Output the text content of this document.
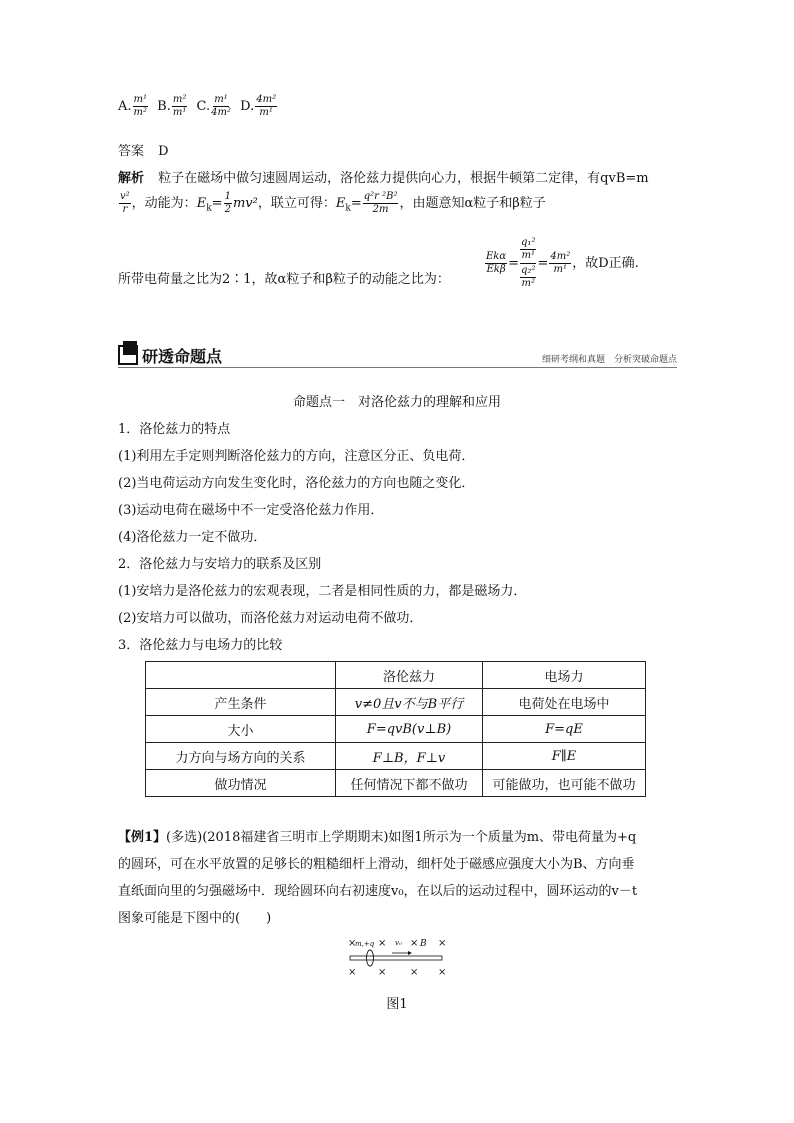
A. $\frac{\text{m¹}}{\text{m²}} B$. $\frac{\text{m²}}{\text{m¹}} C$. $\frac{\text{m¹}}{\text{4m²}} D$. $\frac{\text{4m²}}{\text{m¹}}$
答案 D
解析 粒子在磁场中做匀速圆周运动，洛伦兹力提供向心力，根据牛顿第二定律，有qvB=m
$\frac{\text{v²}}{r}$ ，动能为：$E_k= \frac{1}{2} mv^2$，联立可得：$E_k= \frac{\text{q²r ²B²}}{2m}$ ，由题意知α粒子和β粒子
所带电荷量之比为2∶1，故α粒子和β粒子的动能之比为：
$\frac{\text{Ekα}}{\text{Ekβ}} = \frac{\frac{\text{q₁²}}{\text{m¹}}}{\frac{\text{q₂²}}{\text{m²}}} = \frac{\text{4m²}}{\text{m¹}}$ ，故D正确.
研透命题点	细研考纲和真题　分析突破命题点
命题点一　对洛伦兹力的理解和应用
1．洛伦兹力的特点
(1)利用左手定则判断洛伦兹力的方向，注意区分正、负电荷．
(2)当电荷运动方向发生变化时，洛伦兹力的方向也随之变化．
(3)运动电荷在磁场中不一定受洛伦兹力作用．
(4)洛伦兹力一定不做功．
2．洛伦兹力与安培力的联系及区别
(1)安培力是洛伦兹力的宏观表现，二者是相同性质的力，都是磁场力．
(2)安培力可以做功，而洛伦兹力对运动电荷不做功．
3．洛伦兹力与电场力的比较
	洛伦兹力	电场力
产生条件	v≠0且v不与B平行	电荷处在电场中
大小	F=qvB(v⊥B)	F=qE
力方向与场方向的关系	F⊥B，F⊥v	F∥E
做功情况	任何情况下都不做功	可能做功，也可能不做功
【例1】(多选)(2018福建省三明市上学期期末)如图1所示为一个质量为m、带电荷量为+q
的圆环，可在水平放置的足够长的粗糙细杆上滑动，细杆处于磁感应强度大小为B、方向垂
直纸面向里的匀强磁场中．现给圆环向右初速度v₀，在以后的运动过程中，圆环运动的v－t
图象可能是下图中的(　　)
×
m,+q × v₀ × B ×
× × × ×
图1
